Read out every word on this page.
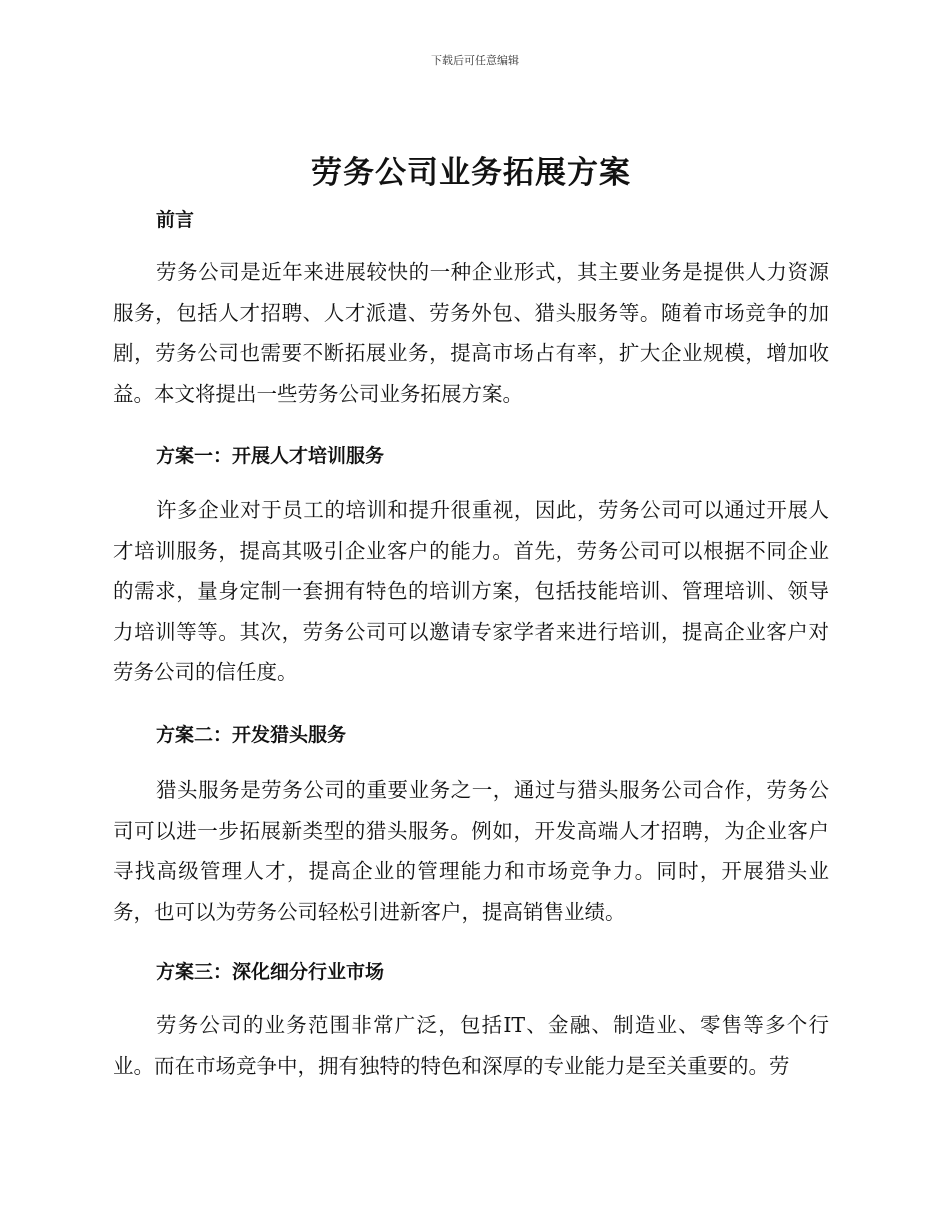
下载后可任意编辑
劳务公司业务拓展方案
前言

劳务公司是近年来进展较快的一种企业形式，其主要业务是提供人力资源服务，包括人才招聘、人才派遣、劳务外包、猎头服务等。随着市场竞争的加剧，劳务公司也需要不断拓展业务，提高市场占有率，扩大企业规模，增加收益。本文将提出一些劳务公司业务拓展方案。

方案一：开展人才培训服务

许多企业对于员工的培训和提升很重视，因此，劳务公司可以通过开展人才培训服务，提高其吸引企业客户的能力。首先，劳务公司可以根据不同企业的需求，量身定制一套拥有特色的培训方案，包括技能培训、管理培训、领导力培训等等。其次，劳务公司可以邀请专家学者来进行培训，提高企业客户对劳务公司的信任度。

方案二：开发猎头服务

猎头服务是劳务公司的重要业务之一，通过与猎头服务公司合作，劳务公司可以进一步拓展新类型的猎头服务。例如，开发高端人才招聘，为企业客户寻找高级管理人才，提高企业的管理能力和市场竞争力。同时，开展猎头业务，也可以为劳务公司轻松引进新客户，提高销售业绩。

方案三：深化细分行业市场

劳务公司的业务范围非常广泛，包括IT、金融、制造业、零售等多个行业。而在市场竞争中，拥有独特的特色和深厚的专业能力是至关重要的。劳
